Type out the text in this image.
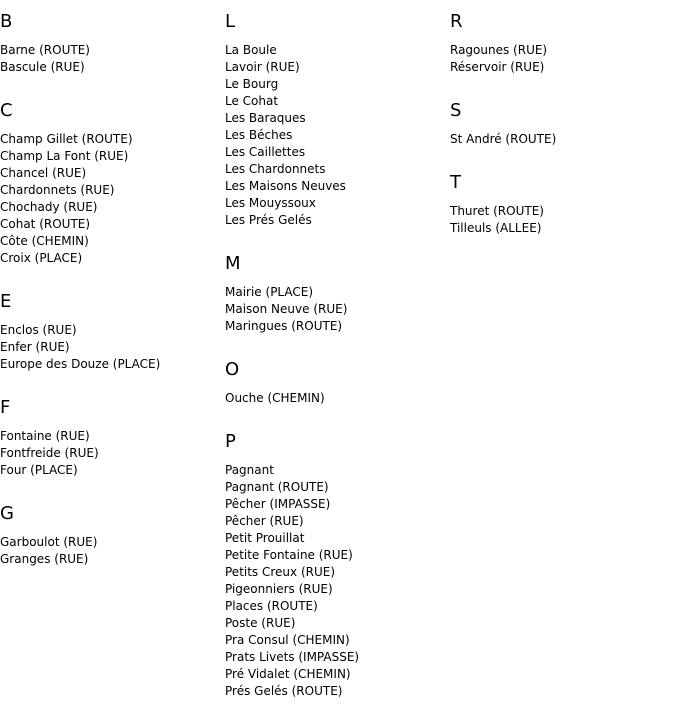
B
Barne (ROUTE)
Bascule (RUE)
C
Champ Gillet (ROUTE)
Champ La Font (RUE)
Chancel (RUE)
Chardonnets (RUE)
Chochady (RUE)
Cohat (ROUTE)
Côte (CHEMIN)
Croix (PLACE)
E
Enclos (RUE)
Enfer (RUE)
Europe des Douze (PLACE)
F
Fontaine (RUE)
Fontfreide (RUE)
Four (PLACE)
G
Garboulot (RUE)
Granges (RUE)
L
La Boule
Lavoir (RUE)
Le Bourg
Le Cohat
Les Baraques
Les Béches
Les Caillettes
Les Chardonnets
Les Maisons Neuves
Les Mouyssoux
Les Prés Gelés
M
Mairie (PLACE)
Maison Neuve (RUE)
Maringues (ROUTE)
O
Ouche (CHEMIN)
P
Pagnant
Pagnant (ROUTE)
Pêcher (IMPASSE)
Pêcher (RUE)
Petit Prouillat
Petite Fontaine (RUE)
Petits Creux (RUE)
Pigeonniers (RUE)
Places (ROUTE)
Poste (RUE)
Pra Consul (CHEMIN)
Prats Livets (IMPASSE)
Pré Vidalet (CHEMIN)
Prés Gelés (ROUTE)
R
Ragounes (RUE)
Réservoir (RUE)
S
St André (ROUTE)
T
Thuret (ROUTE)
Tilleuls (ALLEE)
